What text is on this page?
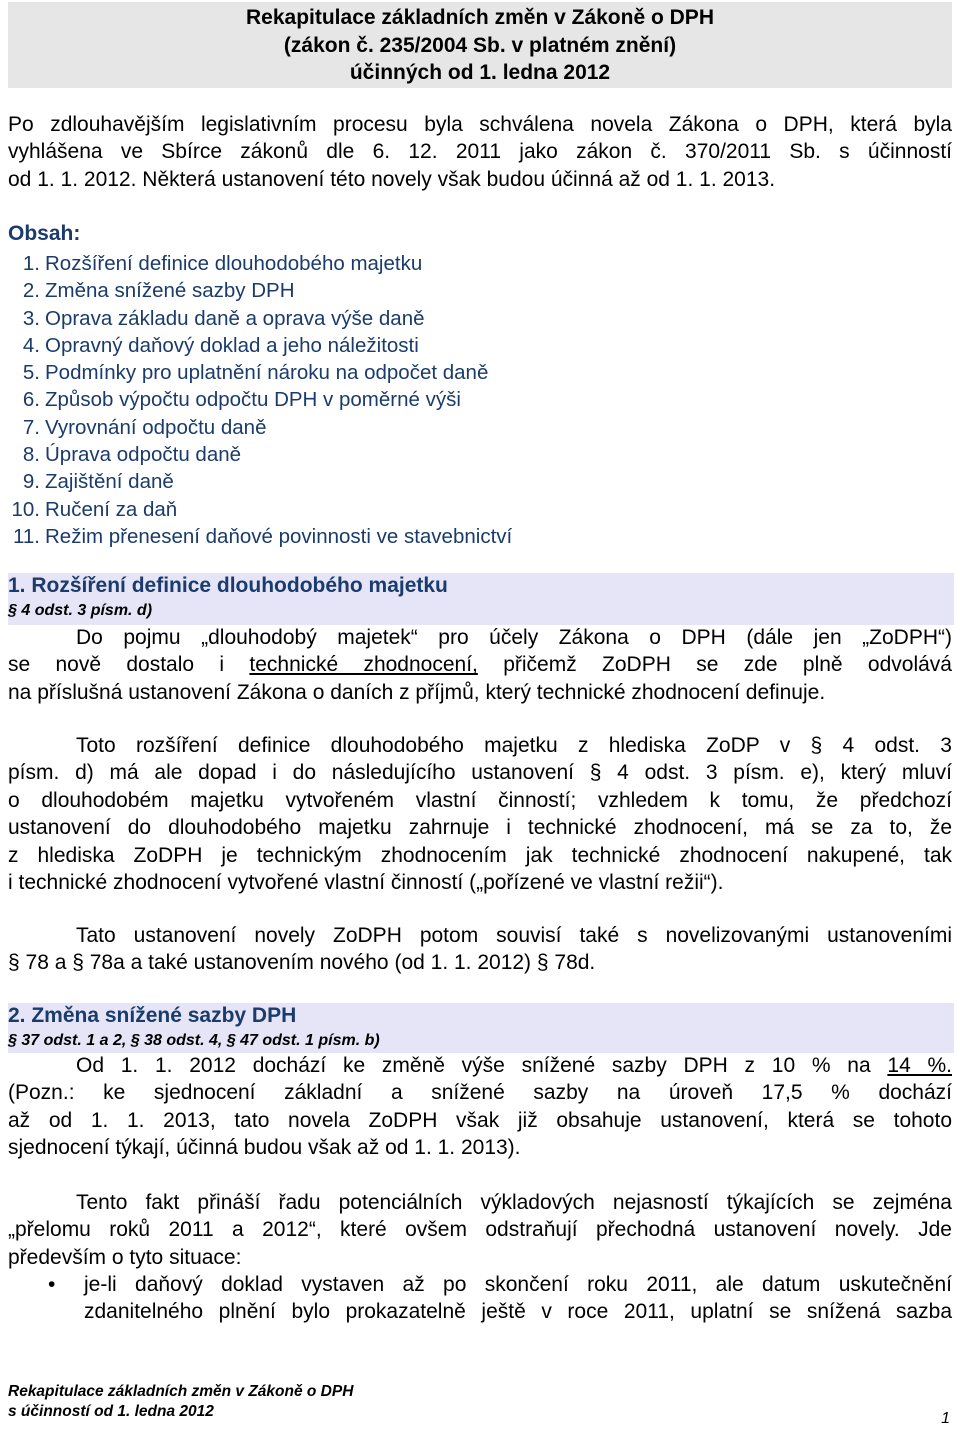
Rekapitulace základních změn v Zákoně o DPH
(zákon č. 235/2004 Sb. v platném znění)
účinných od 1. ledna 2012
Po zdlouhavějším legislativním procesu byla schválena novela Zákona o DPH, která byla
vyhlášena ve Sbírce zákonů dle 6. 12. 2011 jako zákon č. 370/2011 Sb. s účinností
od 1. 1. 2012. Některá ustanovení této novely však budou účinná až od 1. 1. 2013.
Obsah:
1. Rozšíření definice dlouhodobého majetku
2. Změna snížené sazby DPH
3. Oprava základu daně a oprava výše daně
4. Opravný daňový doklad a jeho náležitosti
5. Podmínky pro uplatnění nároku na odpočet daně
6. Způsob výpočtu odpočtu DPH v poměrné výši
7. Vyrovnání odpočtu daně
8. Úprava odpočtu daně
9. Zajištění daně
10. Ručení za daň
11. Režim přenesení daňové povinnosti ve stavebnictví
1. Rozšíření definice dlouhodobého majetku
§ 4 odst. 3 písm. d)
Do pojmu „dlouhodobý majetek“ pro účely Zákona o DPH (dále jen „ZoDPH“)
se nově dostalo i technické zhodnocení, přičemž ZoDPH se zde plně odvolává
na příslušná ustanovení Zákona o daních z příjmů, který technické zhodnocení definuje.
Toto rozšíření definice dlouhodobého majetku z hlediska ZoDP v § 4 odst. 3
písm. d) má ale dopad i do následujícího ustanovení § 4 odst. 3 písm. e), který mluví
o dlouhodobém majetku vytvořeném vlastní činností; vzhledem k tomu, že předchozí
ustanovení do dlouhodobého majetku zahrnuje i technické zhodnocení, má se za to, že
z hlediska ZoDPH je technickým zhodnocením jak technické zhodnocení nakupené, tak
i technické zhodnocení vytvořené vlastní činností („pořízené ve vlastní režii“).
Tato ustanovení novely ZoDPH potom souvisí také s novelizovanými ustanoveními
§ 78 a § 78a a také ustanovením nového (od 1. 1. 2012) § 78d.
2. Změna snížené sazby DPH
§ 37 odst. 1 a 2, § 38 odst. 4, § 47 odst. 1 písm. b)
Od 1. 1. 2012 dochází ke změně výše snížené sazby DPH z 10 % na 14 %.
(Pozn.: ke sjednocení základní a snížené sazby na úroveň 17,5 % dochází
až od 1. 1. 2013, tato novela ZoDPH však již obsahuje ustanovení, která se tohoto
sjednocení týkají, účinná budou však až od 1. 1. 2013).
Tento fakt přináší řadu potenciálních výkladových nejasností týkajících se zejména
„přelomu roků 2011 a 2012“, které ovšem odstraňují přechodná ustanovení novely. Jde
především o tyto situace:
• je-li daňový doklad vystaven až po skončení roku 2011, ale datum uskutečnění
zdanitelného plnění bylo prokazatelně ještě v roce 2011, uplatní se snížená sazba
Rekapitulace základních změn v Zákoně o DPH
s účinností od 1. ledna 2012	1
